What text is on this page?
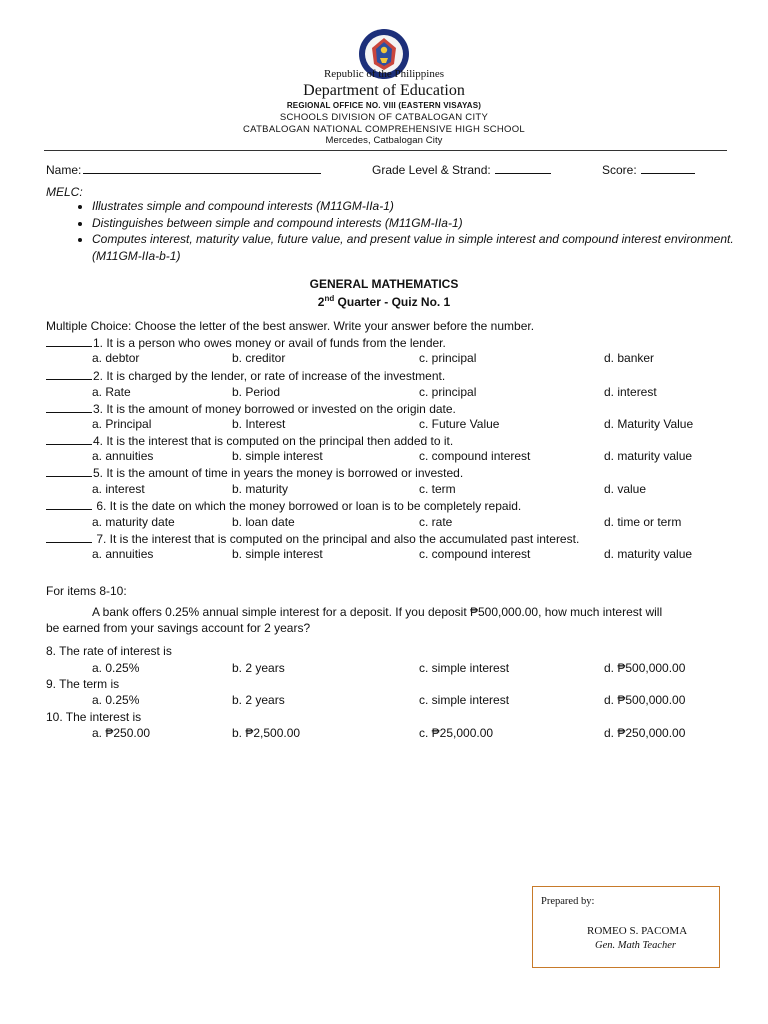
Republic of the Philippines
Department of Education
REGIONAL OFFICE NO. VIII (EASTERN VISAYAS)
SCHOOLS DIVISION OF CATBALOGAN CITY
CATBALOGAN NATIONAL COMPREHENSIVE HIGH SCHOOL
Mercedes, Catbalogan City
Name:	Grade Level & Strand:	Score:
MELC:
• Illustrates simple and compound interests (M11GM-IIa-1)
• Distinguishes between simple and compound interests (M11GM-IIa-1)
• Computes interest, maturity value, future value, and present value in simple interest and compound interest environment. (M11GM-IIa-b-1)
GENERAL MATHEMATICS
2nd Quarter - Quiz No. 1
Multiple Choice: Choose the letter of the best answer. Write your answer before the number.
1. It is a person who owes money or avail of funds from the lender.
a. debtor	b. creditor	c. principal	d. banker
2. It is charged by the lender, or rate of increase of the investment.
a. Rate	b. Period	c. principal	d. interest
3. It is the amount of money borrowed or invested on the origin date.
a. Principal	b. Interest	c. Future Value	d. Maturity Value
4. It is the interest that is computed on the principal then added to it.
a. annuities	b. simple interest	c. compound interest	d. maturity value
5. It is the amount of time in years the money is borrowed or invested.
a. interest	b. maturity	c. term	d. value
6. It is the date on which the money borrowed or loan is to be completely repaid.
a. maturity date	b. loan date	c. rate	d. time or term
7. It is the interest that is computed on the principal and also the accumulated past interest.
a. annuities	b. simple interest	c. compound interest	d. maturity value
For items 8-10:
A bank offers 0.25% annual simple interest for a deposit. If you deposit ₱500,000.00, how much interest will
be earned from your savings account for 2 years?
8. The rate of interest is
a. 0.25%	b. 2 years	c. simple interest	d. ₱500,000.00
9. The term is
a. 0.25%	b. 2 years	c. simple interest	d. ₱500,000.00
10. The interest is
a. ₱250.00	b. ₱2,500.00	c. ₱25,000.00	d. ₱250,000.00
Prepared by:
ROMEO S. PACOMA
Gen. Math Teacher
